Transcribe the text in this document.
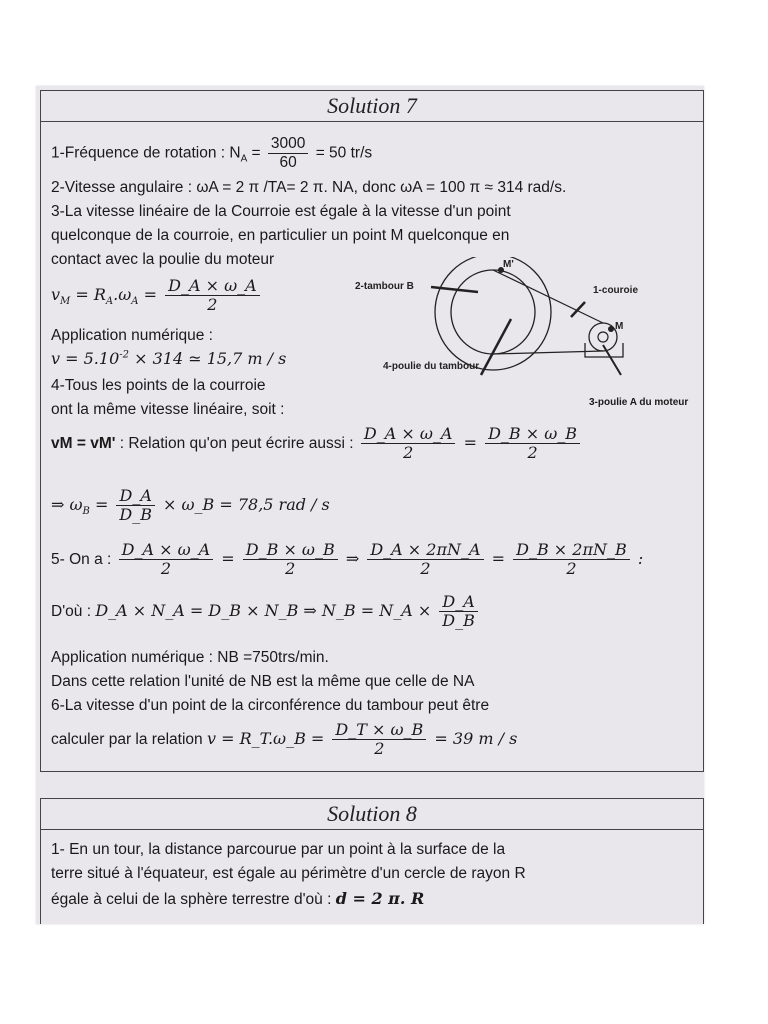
Solution 7
1-Fréquence de rotation : $N_A = \frac{3000}{60} = 50$ tr/s
2-Vitesse angulaire : ωA = 2 π /TA= 2 π. NA, donc ωA = 100 π ≈ 314 rad/s.
3-La vitesse linéaire de la Courroie est égale à la vitesse d'un point
quelconque de la courroie, en particulier un point M quelconque en
contact avec la poulie du moteur
$v_M = R_A.\omega_A = \frac{D\_A \times \omega\_A}{2}$
Application numérique :
$v = 5.10^{-2} \times 314$ ≃ 15,7 m / s
4-Tous les points de la courroie
ont la même vitesse linéaire, soit :
vM = vM' : Relation qu'on peut écrire aussi : $\frac{D\_A \times \omega\_A}{2} = \frac{D\_B \times \omega\_B}{2}$
⇒ $\omega_B = \frac{D\_A}{D\_B}$ × ω_B = 78,5 rad / s
5- On a : $\frac{D\_A \times \omega\_A}{2} = \frac{D\_B \times \omega\_B}{2}$ ⇒ $\frac{D\_A \times 2\pi N\_A}{2} = \frac{D\_B \times 2\pi N\_B}{2}$ :
D'où : D_A × N_A = D_B × N_B ⇒ N_B = N_A × $\frac{D\_A}{D\_B}$
Application numérique : NB =750trs/min.
Dans cette relation l'unité de NB est la même que celle de NA
6-La vitesse d'un point de la circonférence du tambour peut être
calculer par la relation v = R_T.ω_B = $\frac{D\_T \times \omega\_B}{2} = 39$ m / s
2-tambour B
M'
1-couroie
M
4-poulie du tambour
3-poulie A du moteur
Solution 8
1- En un tour, la distance parcourue par un point à la surface de la
terre situé à l'équateur, est égale au périmètre d'un cercle de rayon R
égale à celui de la sphère terrestre d'où : d = 2 π. R
